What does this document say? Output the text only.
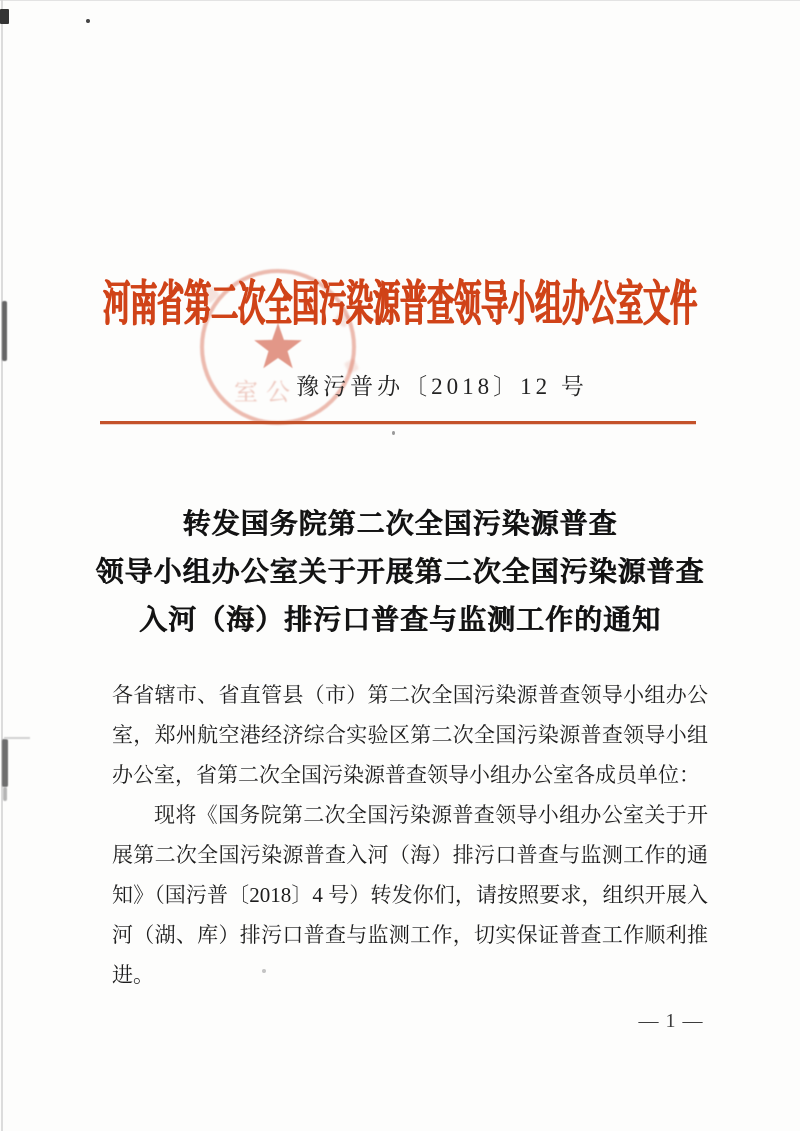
室公
河南省第二次全国污染源普查领导小组办公室文件
豫污普办〔2018〕12 号
转发国务院第二次全国污染源普查
领导小组办公室关于开展第二次全国污染源普查
入河（海）排污口普查与监测工作的通知

各省辖市、省直管县（市）第二次全国污染源普查领导小组办公室，郑州航空港经济综合实验区第二次全国污染源普查领导小组办公室，省第二次全国污染源普查领导小组办公室各成员单位：

现将《国务院第二次全国污染源普查领导小组办公室关于开展第二次全国污染源普查入河（海）排污口普查与监测工作的通知》（国污普〔2018〕4 号）转发你们，请按照要求，组织开展入河（湖、库）排污口普查与监测工作，切实保证普查工作顺利推进。

— 1 —
